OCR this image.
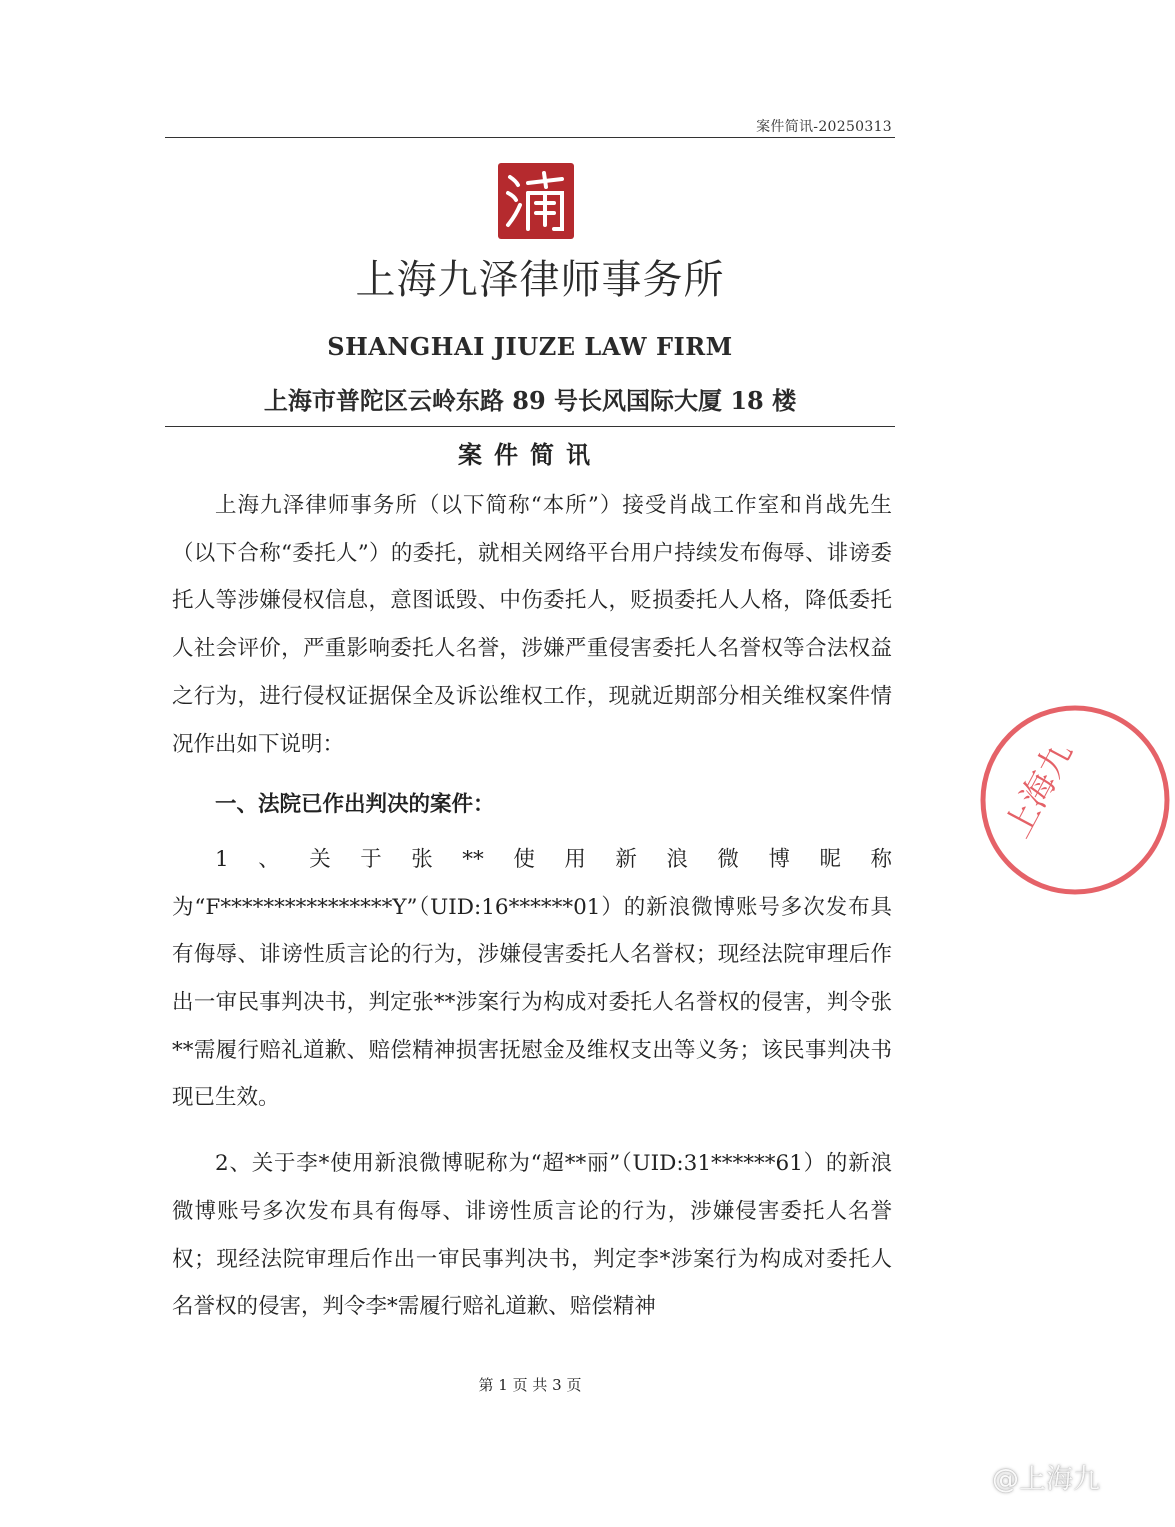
案件简讯-20250313
上海九泽律师事务所
SHANGHAI JIUZE LAW FIRM
上海市普陀区云岭东路 89 号长风国际大厦 18 楼
案件简讯

上海九泽律师事务所（以下简称“本所”）接受肖战工作室和肖战先生（以下合称“委托人”）的委托，就相关网络平台用户持续发布侮辱、诽谤委托人等涉嫌侵权信息，意图诋毁、中伤委托人，贬损委托人人格，降低委托人社会评价，严重影响委托人名誉，涉嫌严重侵害委托人名誉权等合法权益之行为，进行侵权证据保全及诉讼维权工作，现就近期部分相关维权案件情况作出如下说明：

一、法院已作出判决的案件：

1、关于张**使用新浪微博昵称为“F****************Y”（UID:16******01）的新浪微博账号多次发布具有侮辱、诽谤性质言论的行为，涉嫌侵害委托人名誉权；现经法院审理后作出一审民事判决书，判定张**涉案行为构成对委托人名誉权的侵害，判令张**需履行赔礼道歉、赔偿精神损害抚慰金及维权支出等义务；该民事判决书现已生效。

2、关于李*使用新浪微博昵称为“超**丽”（UID:31******61）的新浪微博账号多次发布具有侮辱、诽谤性质言论的行为，涉嫌侵害委托人名誉权；现经法院审理后作出一审民事判决书，判定李*涉案行为构成对委托人名誉权的侵害，判令李*需履行赔礼道歉、赔偿精神

第 1 页 共 3 页
上海九
@上海九
